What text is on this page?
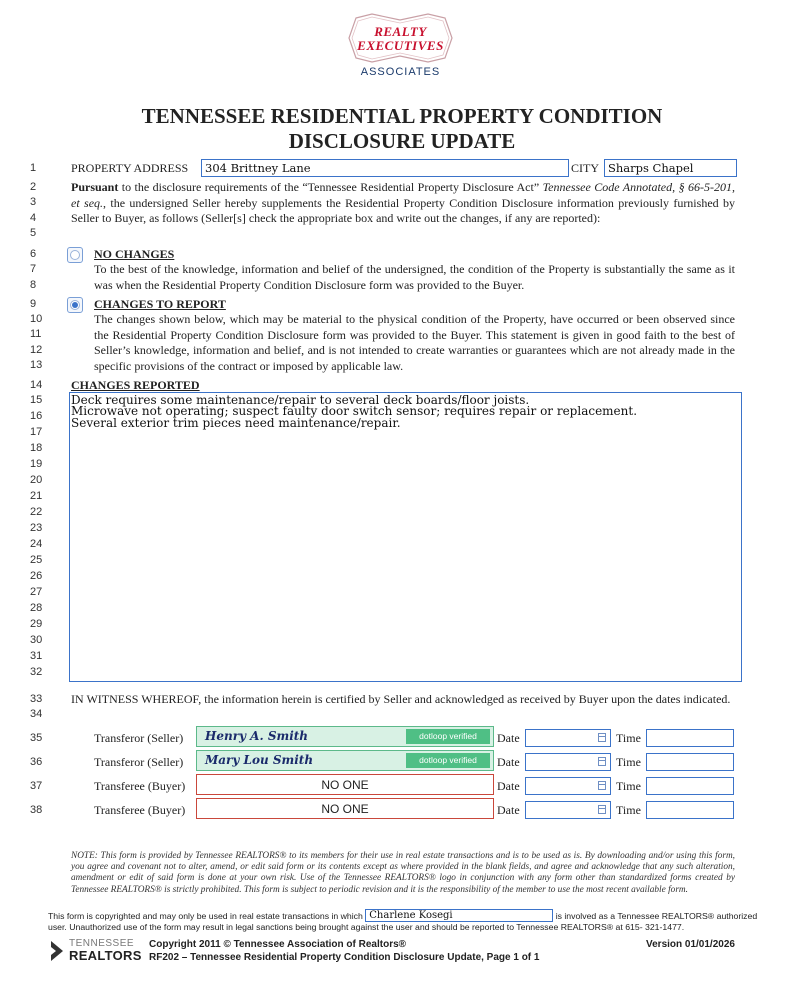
REALTY
EXECUTIVES
ASSOCIATES
TENNESSEE RESIDENTIAL PROPERTY CONDITION
DISCLOSURE UPDATE
1
2
3
4
5
6
7
8
9
10
11
12
13
14
15
16
17
18
19
20
21
22
23
24
25
26
27
28
29
30
31
32
33
34
35
36
37
38
PROPERTY ADDRESS	304 Brittney Lane	CITY Sharps Chapel
Pursuant to the disclosure requirements of the “Tennessee Residential Property Disclosure Act” Tennessee Code Annotated, § 66-5-201, et seq., the undersigned Seller hereby supplements the Residential Property Condition Disclosure information previously furnished by Seller to Buyer, as follows (Seller[s] check the appropriate box and write out the changes, if any are reported):
NO CHANGES
To the best of the knowledge, information and belief of the undersigned, the condition of the Property is substantially the same as it was when the Residential Property Condition Disclosure form was provided to the Buyer.
CHANGES TO REPORT
The changes shown below, which may be material to the physical condition of the Property, have occurred or been observed since the Residential Property Condition Disclosure form was provided to the Buyer. This statement is given in good faith to the best of Seller’s knowledge, information and belief, and is not intended to create warranties or guarantees which are not already made in the specific provisions of the contract or imposed by applicable law.
CHANGES REPORTED
Deck requires some maintenance/repair to several deck boards/floor joists.
Microwave not operating; suspect faulty door switch sensor; requires repair or replacement.
Several exterior trim pieces need maintenance/repair.
IN WITNESS WHEREOF, the information herein is certified by Seller and acknowledged as received by Buyer upon the dates indicated.
Transferor (Seller) Henry A. Smith	dotloop verified	Date	Time
Transferor (Seller) Mary Lou Smith	dotloop verified	Date	Time
Transferee (Buyer)	NO ONE	Date	Time
Transferee (Buyer)	NO ONE	Date	Time
NOTE: This form is provided by Tennessee REALTORS® to its members for their use in real estate transactions and is to be used as is. By downloading and/or using this form, you agree and covenant not to alter, amend, or edit said form or its contents except as where provided in the blank fields, and agree and acknowledge that any such alteration, amendment or edit of said form is done at your own risk. Use of the Tennessee REALTORS® logo in conjunction with any form other than standardized forms created by Tennessee REALTORS® is strictly prohibited. This form is subject to periodic revision and it is the responsibility of the member to use the most recent available form.
This form is copyrighted and may only be used in real estate transactions in which Charlene Kosegi	is involved as a Tennessee REALTORS® authorized
user. Unauthorized use of the form may result in legal sanctions being brought against the user and should be reported to Tennessee REALTORS® at 615- 321-1477.
TENNESSEE
REALTORS
Copyright 2011 © Tennessee Association of Realtors®
RF202 – Tennessee Residential Property Condition Disclosure Update, Page 1 of 1
Version 01/01/2026
